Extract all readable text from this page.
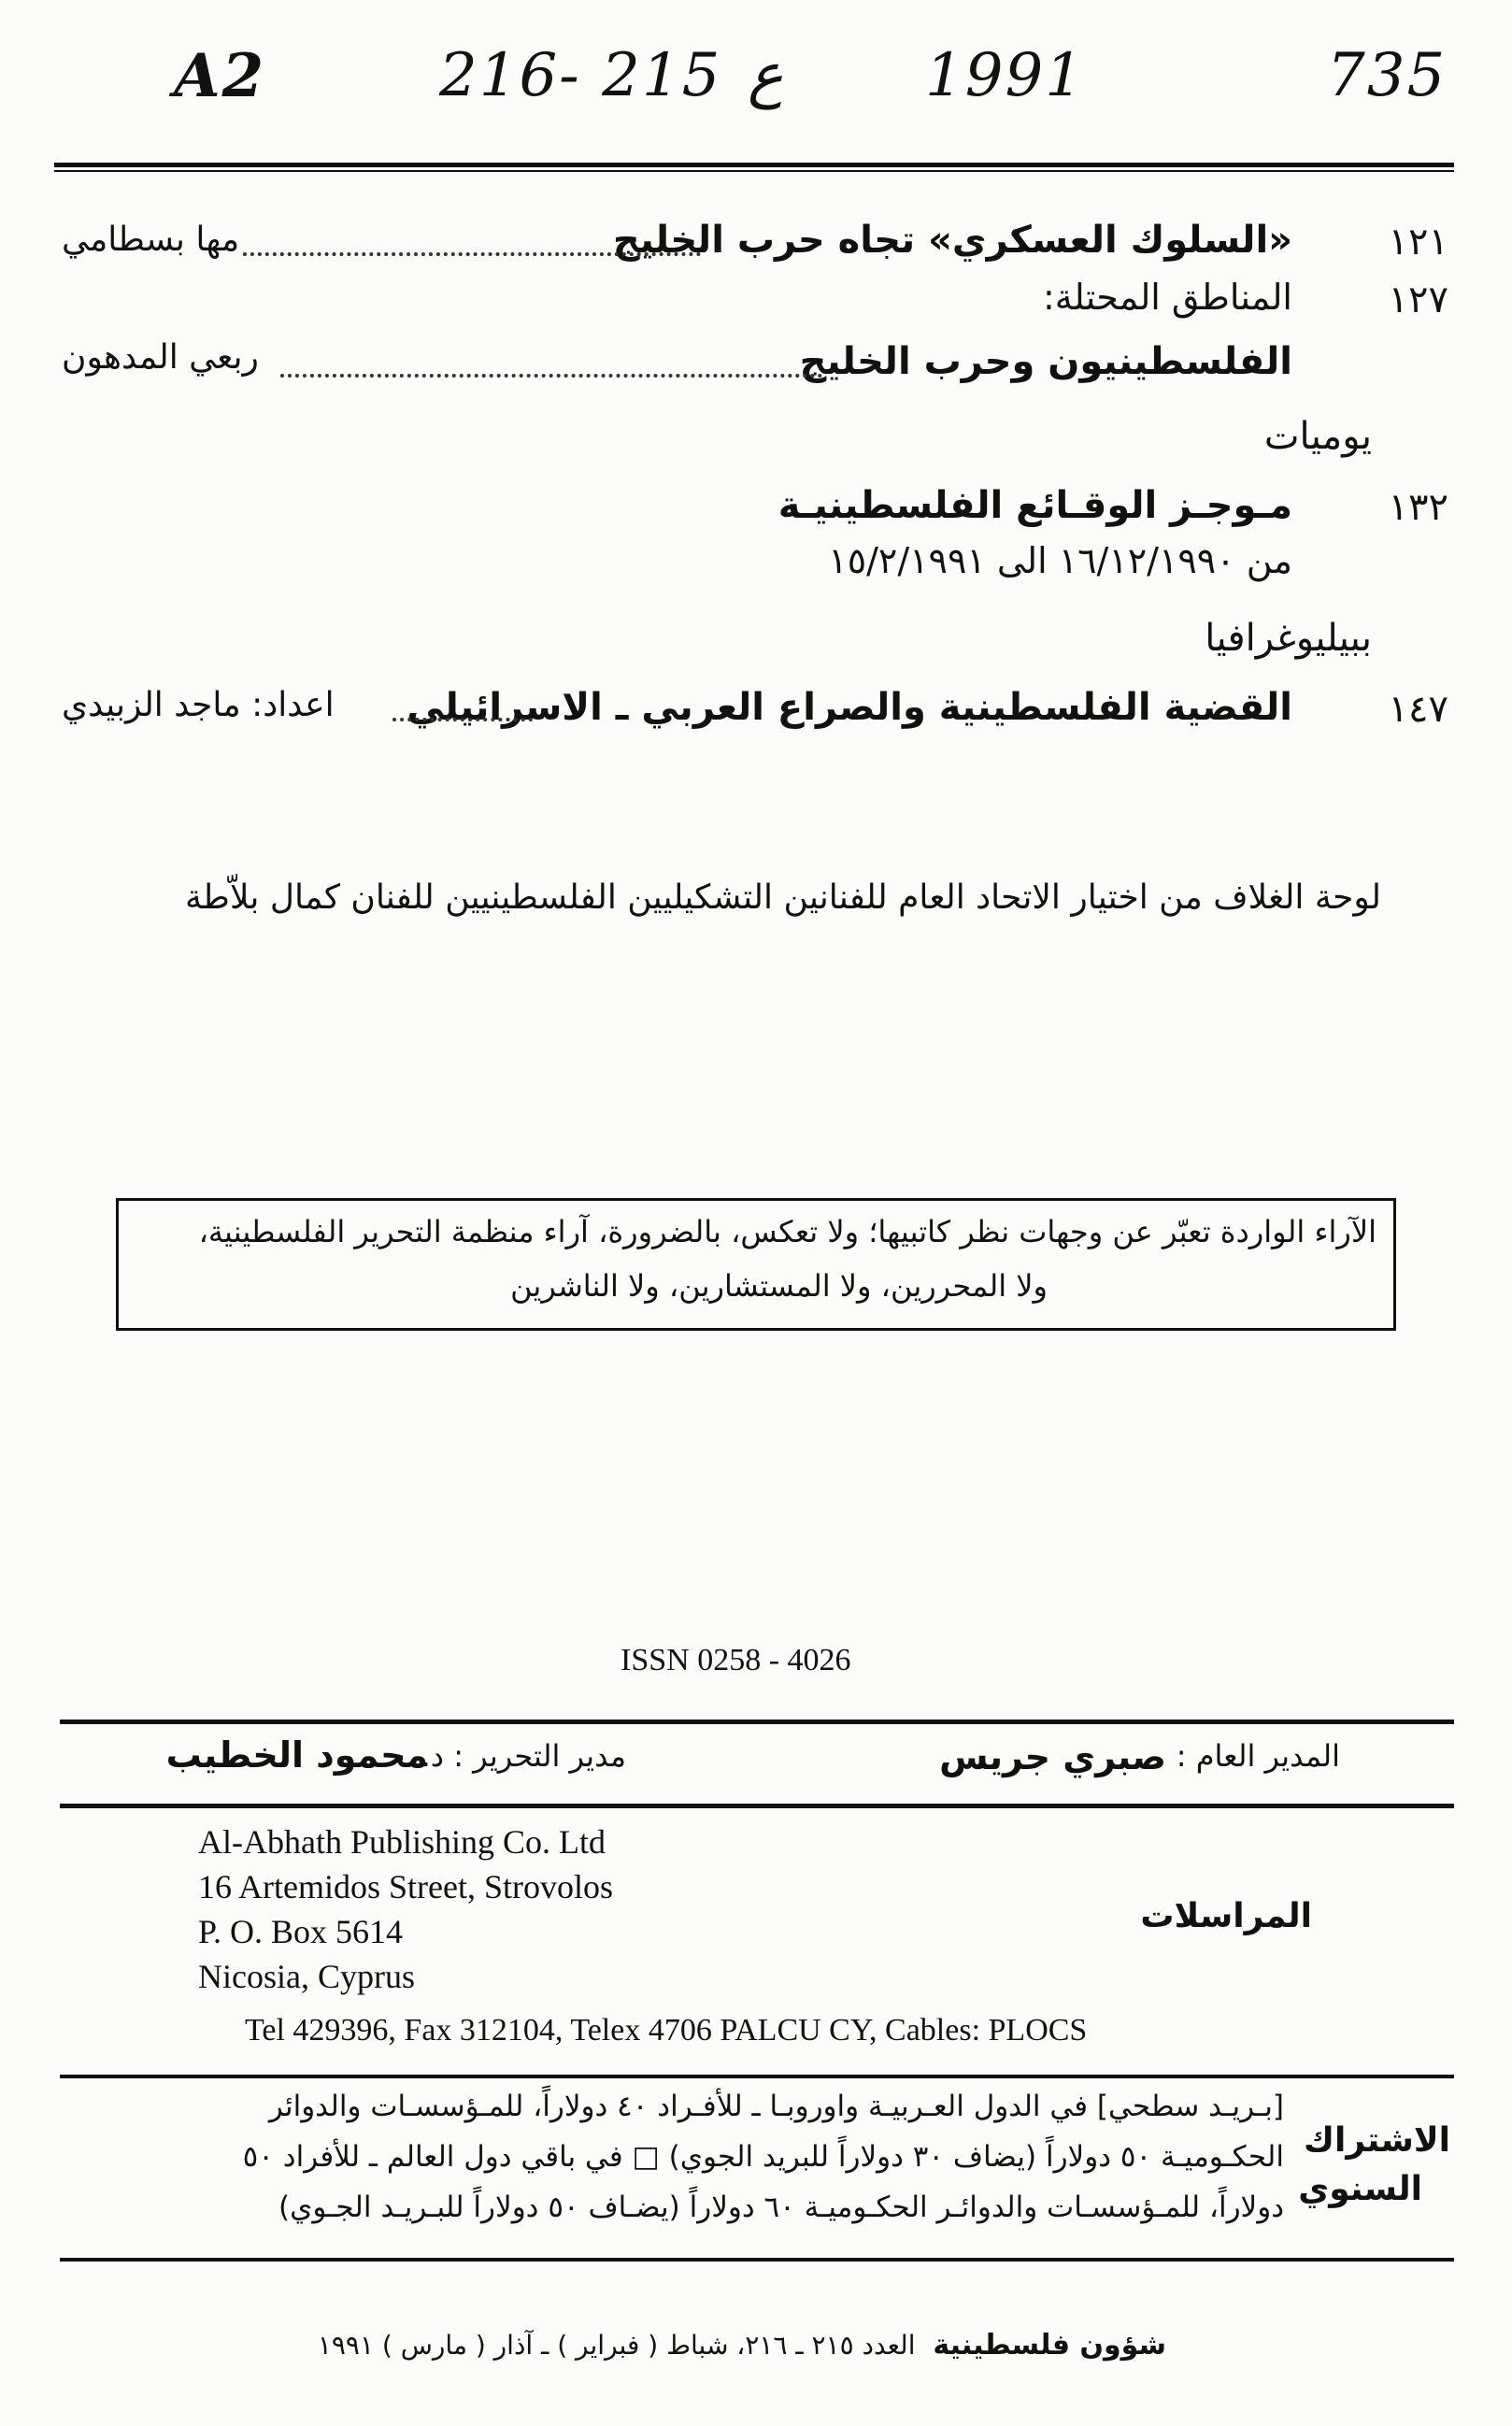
A2	216- 215 ع 1991	735
١٢١
«السلوك العسكري» تجاه حرب الخليج
مها بسطامي
١٢٧
المناطق المحتلة:
الفلسطينيون وحرب الخليج
ربعي المدهون
يوميات
١٣٢
مـوجـز الوقـائع الفلسطينيـة
من ١٦/١٢/١٩٩٠ الى ١٥/٢/١٩٩١
ببيليوغرافيا
١٤٧
القضية الفلسطينية والصراع العربي ـ الاسرائيلي
اعداد: ماجد الزبيدي
لوحة الغلاف من اختيار الاتحاد العام للفنانين التشكيليين الفلسطينيين للفنان كمال بلاّطة
الآراء الواردة تعبّر عن وجهات نظر كاتبيها؛ ولا تعكس، بالضرورة، آراء منظمة التحرير الفلسطينية،
ولا المحررين، ولا المستشارين، ولا الناشرين
ISSN 0258 - 4026
المدير العام :
صبري جريس
مدير التحرير : د.
محمود الخطيب
Al-Abhath Publishing Co. Ltd
16 Artemidos Street, Strovolos
P. O. Box 5614
Nicosia, Cyprus
المراسلات
Tel 429396, Fax 312104, Telex 4706 PALCU CY, Cables: PLOCS
الاشتراك
السنوي
[بـريـد سطحي] في الدول العـربيـة واوروبـا ـ للأفـراد ٤٠ دولاراً، للمـؤسسـات والدوائر
الحكـوميـة ٥٠ دولاراً (يضاف ٣٠ دولاراً للبريد الجوي) □ في باقي دول العالم ـ للأفراد ٥٠
دولاراً، للمـؤسسـات والدوائـر الحكـوميـة ٦٠ دولاراً (يضـاف ٥٠ دولاراً للبـريـد الجـوي)
شؤون فلسطينية العدد ٢١٥ ـ ٢١٦، شباط ( فبراير ) ـ آذار ( مارس ) ١٩٩١
